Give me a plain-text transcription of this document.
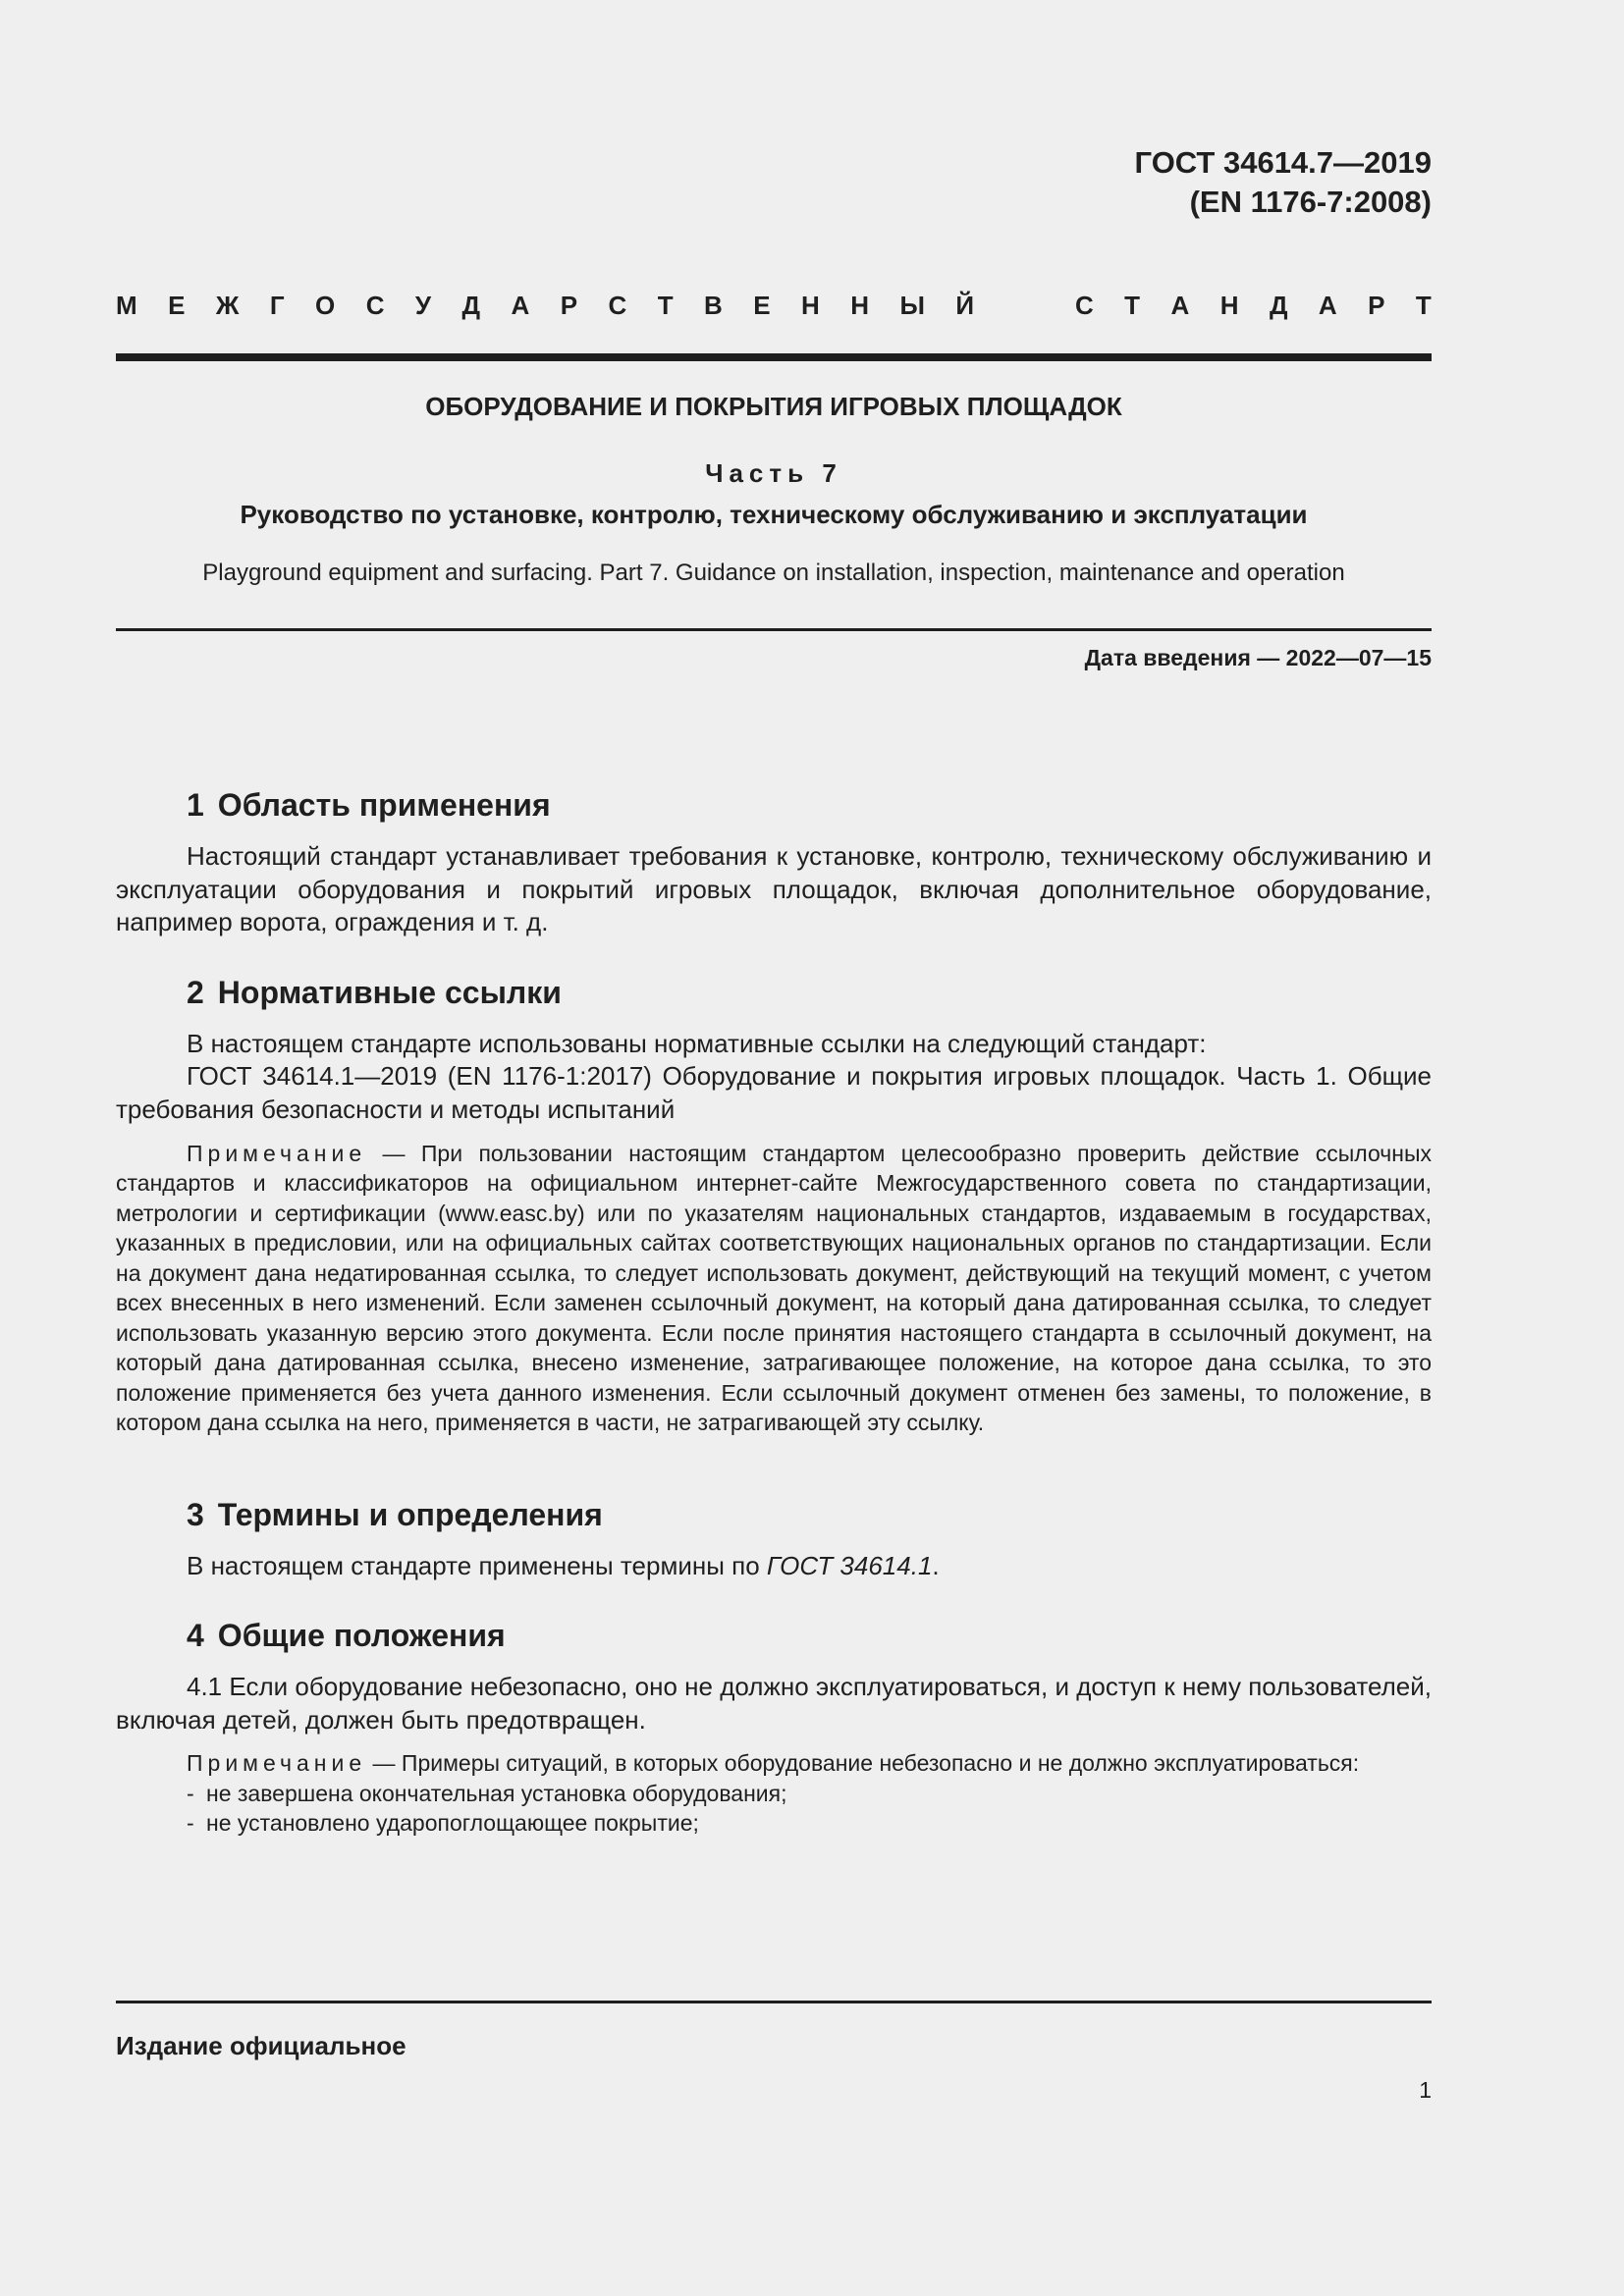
ГОСТ 34614.7—2019
(EN 1176-7:2008)
М Е Ж Г О С У Д А Р С Т В Е Н Н Ы Й	С Т А Н Д А Р Т
ОБОРУДОВАНИЕ И ПОКРЫТИЯ ИГРОВЫХ ПЛОЩАДОК
Часть 7
Руководство по установке, контролю, техническому обслуживанию и эксплуатации
Playground equipment and surfacing. Part 7. Guidance on installation, inspection, maintenance and operation
Дата введения — 2022—07—15
1 Область применения

Настоящий стандарт устанавливает требования к установке, контролю, техническому обслуживанию и эксплуатации оборудования и покрытий игровых площадок, включая дополнительное оборудование, например ворота, ограждения и т. д.

2 Нормативные ссылки

В настоящем стандарте использованы нормативные ссылки на следующий стандарт:

ГОСТ 34614.1—2019 (EN 1176-1:2017) Оборудование и покрытия игровых площадок. Часть 1. Общие требования безопасности и методы испытаний

Примечание — При пользовании настоящим стандартом целесообразно проверить действие ссылочных стандартов и классификаторов на официальном интернет-сайте Межгосударственного совета по стандартизации, метрологии и сертификации (www.easc.by) или по указателям национальных стандартов, издаваемым в государствах, указанных в предисловии, или на официальных сайтах соответствующих национальных органов по стандартизации. Если на документ дана недатированная ссылка, то следует использовать документ, действующий на текущий момент, с учетом всех внесенных в него изменений. Если заменен ссылочный документ, на который дана датированная ссылка, то следует использовать указанную версию этого документа. Если после принятия настоящего стандарта в ссылочный документ, на который дана датированная ссылка, внесено изменение, затрагивающее положение, на которое дана ссылка, то это положение применяется без учета данного изменения. Если ссылочный документ отменен без замены, то положение, в котором дана ссылка на него, применяется в части, не затрагивающей эту ссылку.
3 Термины и определения

В настоящем стандарте применены термины по ГОСТ 34614.1.

4 Общие положения

4.1 Если оборудование небезопасно, оно не должно эксплуатироваться, и доступ к нему пользователей, включая детей, должен быть предотвращен.

Примечание — Примеры ситуаций, в которых оборудование небезопасно и не должно эксплуатироваться:
- не завершена окончательная установка оборудования;
- не установлено ударопоглощающее покрытие;
Издание официальное
1
